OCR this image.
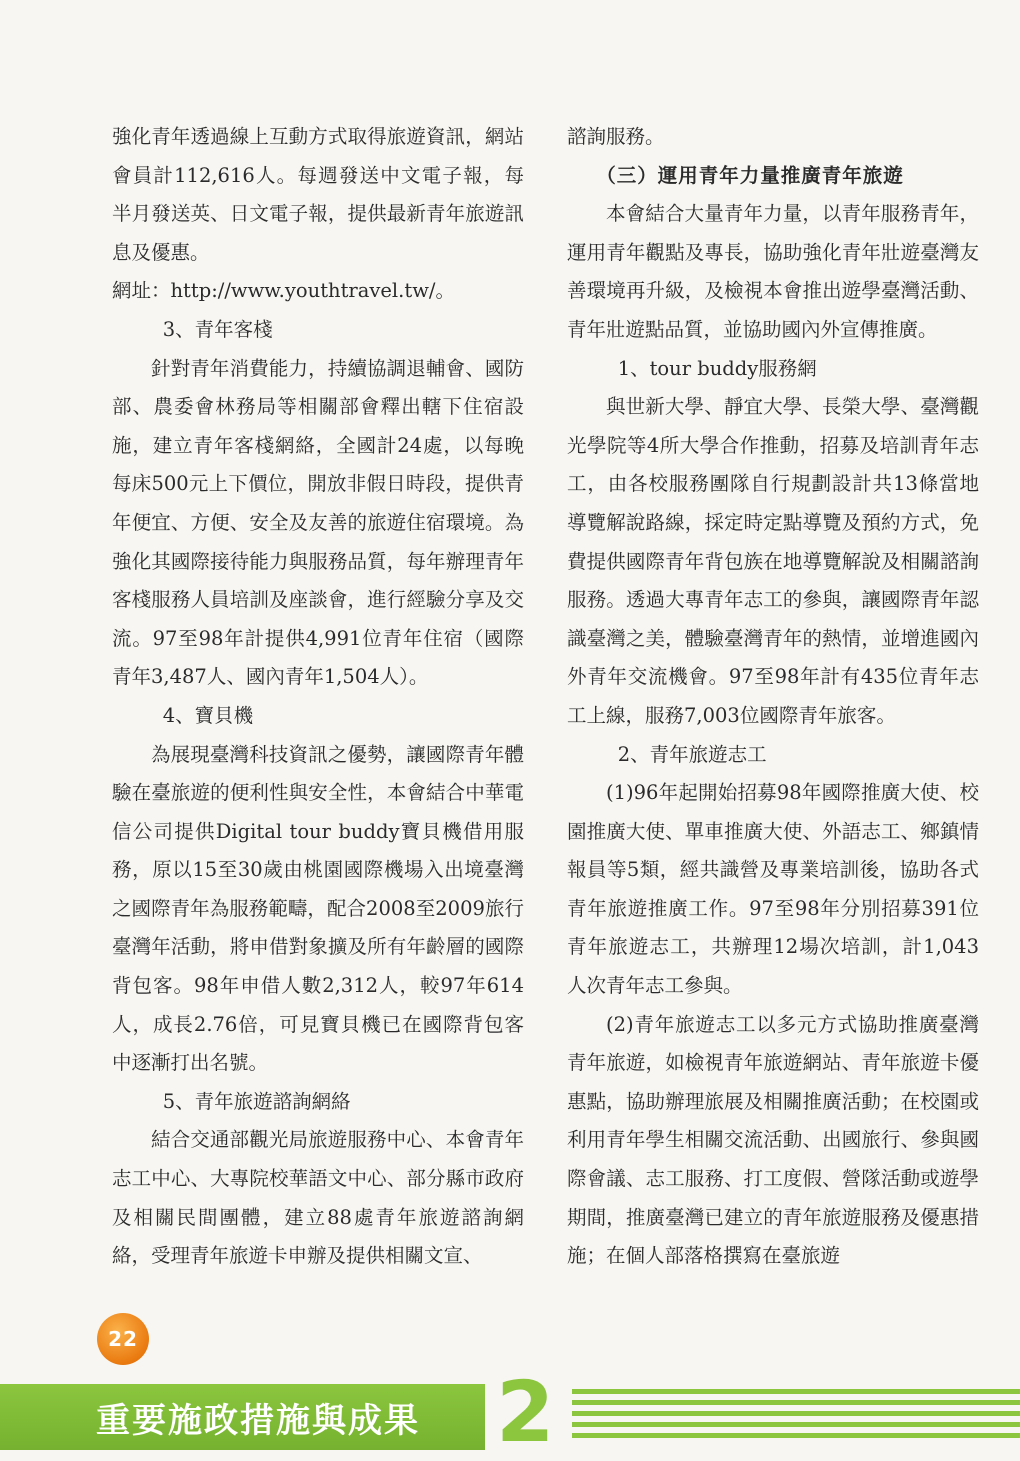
強化青年透過線上互動方式取得旅遊資訊，網站會員計112,616人。每週發送中文電子報，每半月發送英、日文電子報，提供最新青年旅遊訊息及優惠。

網址：http://www.youthtravel.tw/。

3、青年客棧

針對青年消費能力，持續協調退輔會、國防部、農委會林務局等相關部會釋出轄下住宿設施，建立青年客棧網絡，全國計24處，以每晚每床500元上下價位，開放非假日時段，提供青年便宜、方便、安全及友善的旅遊住宿環境。為強化其國際接待能力與服務品質，每年辦理青年客棧服務人員培訓及座談會，進行經驗分享及交流。97至98年計提供4,991位青年住宿（國際青年3,487人、國內青年1,504人）。

4、寶貝機

為展現臺灣科技資訊之優勢，讓國際青年體驗在臺旅遊的便利性與安全性，本會結合中華電信公司提供Digital tour buddy寶貝機借用服務，原以15至30歲由桃園國際機場入出境臺灣之國際青年為服務範疇，配合2008至2009旅行臺灣年活動，將申借對象擴及所有年齡層的國際背包客。98年申借人數2,312人，較97年614人，成長2.76倍，可見寶貝機已在國際背包客中逐漸打出名號。

5、青年旅遊諮詢網絡

結合交通部觀光局旅遊服務中心、本會青年志工中心、大專院校華語文中心、部分縣市政府及相關民間團體，建立88處青年旅遊諮詢網絡，受理青年旅遊卡申辦及提供相關文宣、

諮詢服務。

（三）運用青年力量推廣青年旅遊

本會結合大量青年力量，以青年服務青年，運用青年觀點及專長，協助強化青年壯遊臺灣友善環境再升級，及檢視本會推出遊學臺灣活動、青年壯遊點品質，並協助國內外宣傳推廣。

1、tour buddy服務網

與世新大學、靜宜大學、長榮大學、臺灣觀光學院等4所大學合作推動，招募及培訓青年志工，由各校服務團隊自行規劃設計共13條當地導覽解說路線，採定時定點導覽及預約方式，免費提供國際青年背包族在地導覽解說及相關諮詢服務。透過大專青年志工的參與，讓國際青年認識臺灣之美，體驗臺灣青年的熱情，並增進國內外青年交流機會。97至98年計有435位青年志工上線，服務7,003位國際青年旅客。

2、青年旅遊志工

(1)96年起開始招募98年國際推廣大使、校園推廣大使、單車推廣大使、外語志工、鄉鎮情報員等5類，經共識營及專業培訓後，協助各式青年旅遊推廣工作。97至98年分別招募391位青年旅遊志工，共辦理12場次培訓，計1,043人次青年志工參與。

(2)青年旅遊志工以多元方式協助推廣臺灣青年旅遊，如檢視青年旅遊網站、青年旅遊卡優惠點，協助辦理旅展及相關推廣活動；在校園或利用青年學生相關交流活動、出國旅行、參與國際會議、志工服務、打工度假、營隊活動或遊學期間，推廣臺灣已建立的青年旅遊服務及優惠措施；在個人部落格撰寫在臺旅遊

22
重要施政措施與成果 2
